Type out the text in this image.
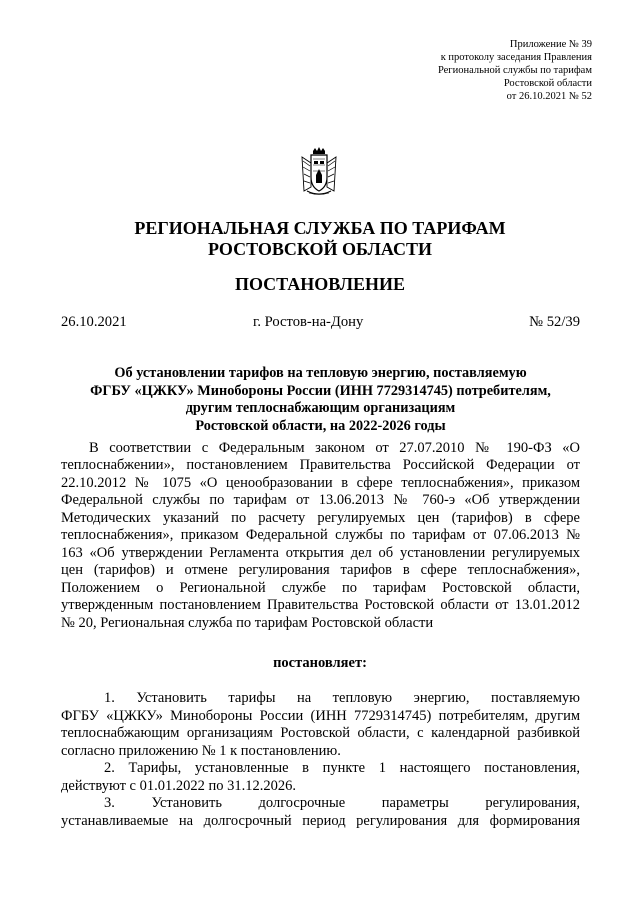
Приложение № 39
к протоколу заседания Правления
Региональной службы по тарифам
Ростовской области
от 26.10.2021 № 52
РЕГИОНАЛЬНАЯ СЛУЖБА ПО ТАРИФАМ
РОСТОВСКОЙ ОБЛАСТИ
ПОСТАНОВЛЕНИЕ
26.10.2021	г. Ростов-на-Дону	№ 52/39
Об установлении тарифов на тепловую энергию, поставляемую
ФГБУ «ЦЖКУ» Минобороны России (ИНН 7729314745) потребителям,
другим теплоснабжающим организациям
Ростовской области, на 2022-2026 годы
В соответствии с Федеральным законом от 27.07.2010 № 190-ФЗ «О
теплоснабжении», постановлением Правительства Российской Федерации от
22.10.2012 № 1075 «О ценообразовании в сфере теплоснабжения», приказом
Федеральной службы по тарифам от 13.06.2013 № 760-э «Об утверждении
Методических указаний по расчету регулируемых цен (тарифов) в сфере
теплоснабжения», приказом Федеральной службы по тарифам от 07.06.2013 №
163 «Об утверждении Регламента открытия дел об установлении регулируемых
цен (тарифов) и отмене регулирования тарифов в сфере теплоснабжения»,
Положением о Региональной службе по тарифам Ростовской области,
утвержденным постановлением Правительства Ростовской области от 13.01.2012
№ 20, Региональная служба по тарифам Ростовской области
постановляет:
1. Установить тарифы на тепловую энергию, поставляемую
ФГБУ «ЦЖКУ» Минобороны России (ИНН 7729314745) потребителям, другим
теплоснабжающим организациям Ростовской области, с календарной разбивкой
согласно приложению № 1 к постановлению.
2. Тарифы, установленные в пункте 1 настоящего постановления,
действуют с 01.01.2022 по 31.12.2026.
3. Установить долгосрочные параметры регулирования,
устанавливаемые на долгосрочный период регулирования для формирования
